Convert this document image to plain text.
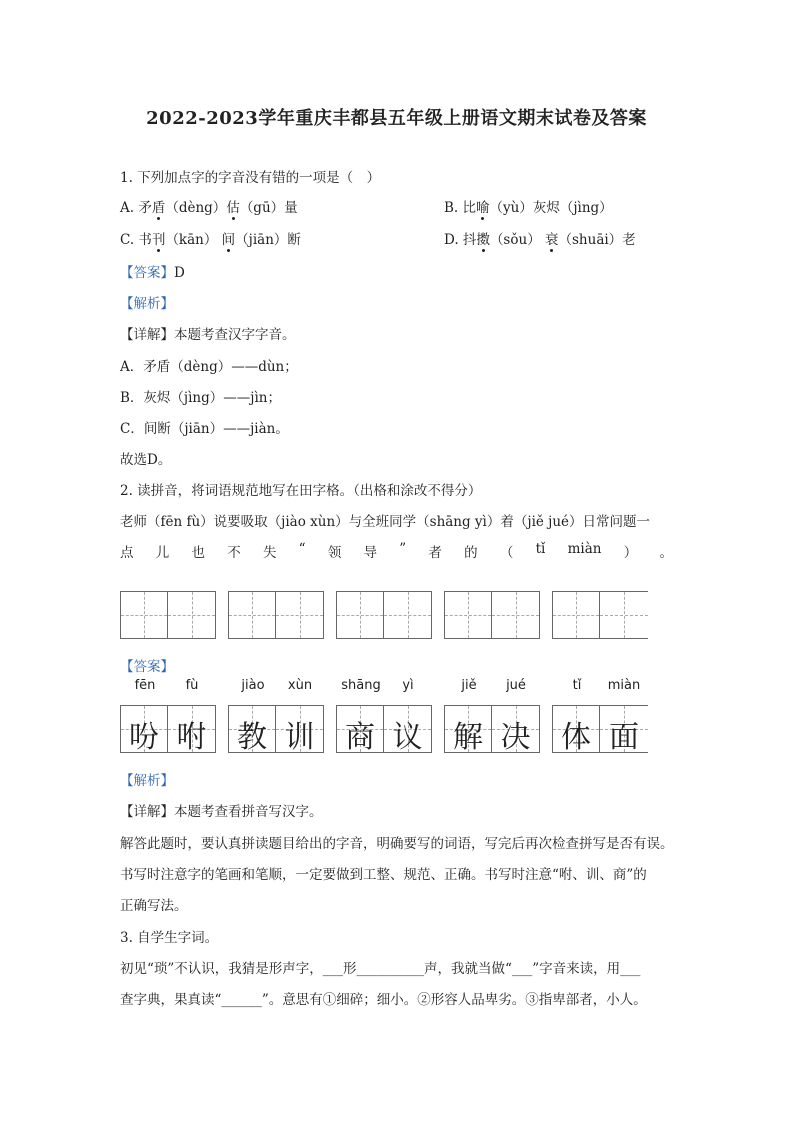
2022-2023学年重庆丰都县五年级上册语文期末试卷及答案
1. 下列加点字的字音没有错的一项是（　）
A. 矛盾（dèng）估（gū）量	B. 比喻（yù）灰烬（jìng）
C. 书刊（kān） 间（jiān）断	D. 抖擞（sǒu） 衰（shuāi）老
【答案】D
【解析】
【详解】本题考查汉字字音。
A．矛盾（dèng）——dùn；
B．灰烬（jìng）——jìn；
C．间断（jiān）——jiàn。
故选D。
2. 读拼音，将词语规范地写在田字格。（出格和涂改不得分）
老师（fēn fù）说要吸取（jiào xùn）与全班同学（shāng yì）着（jiě jué）日常问题一
点 儿 也 不 失 “ 领 导 ” 者 的 （ tǐ miàn ） 。
【答案】
fēn
吩
fù
咐
jiào
教
xùn
训
shāng
商
yì
议
jiě
解
jué
决
tǐ
体
miàn
面
【解析】
【详解】本题考查看拼音写汉字。
解答此题时，要认真拼读题目给出的字音，明确要写的词语，写完后再次检查拼写是否有误。
书写时注意字的笔画和笔顺，一定要做到工整、规范、正确。书写时注意“咐、训、商”的
正确写法。
3. 自学生字词。
初见“琐”不认识，我猜是形声字，___形__________声，我就当做“___”字音来读，用___
查字典，果真读“______”。意思有①细碎；细小。②形容人品卑劣。③指卑部者，小人。
